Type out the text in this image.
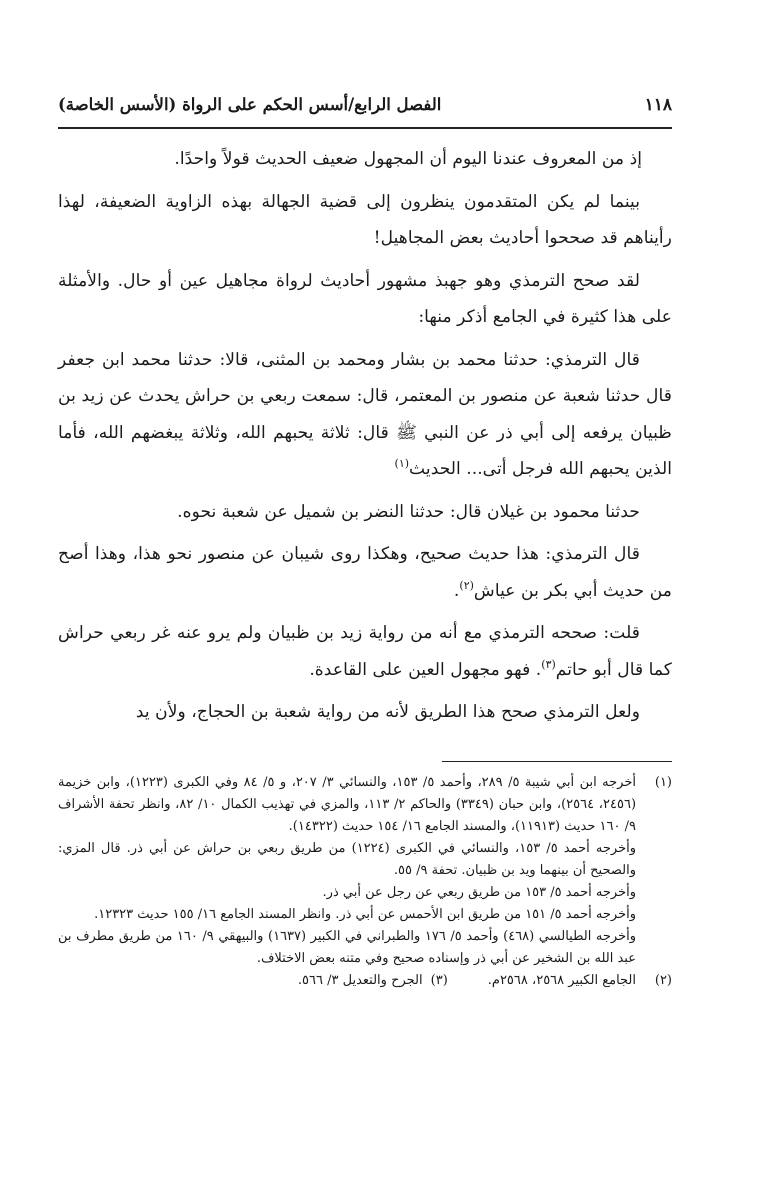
١١٨
الفصل الرابع/أسس الحكم على الرواة (الأسس الخاصة)

إذ من المعروف عندنا اليوم أن المجهول ضعيف الحديث قولاً واحدًا.

بينما لم يكن المتقدمون ينظرون إلى قضية الجهالة بهذه الزاوية الضعيفة، لهذا رأيناهم قد صححوا أحاديث بعض المجاهيل!

لقد صحح الترمذي وهو جهبذ مشهور أحاديث لرواة مجاهيل عين أو حال. والأمثلة على هذا كثيرة في الجامع أذكر منها:

قال الترمذي: حدثنا محمد بن بشار ومحمد بن المثنى، قالا: حدثنا محمد ابن جعفر قال حدثنا شعبة عن منصور بن المعتمر، قال: سمعت ربعي بن حراش يحدث عن زيد بن ظبيان يرفعه إلى أبي ذر عن النبي ﷺ قال: ثلاثة يحبهم الله، وثلاثة يبغضهم الله، فأما الذين يحبهم الله فرجل أتى... الحديث$^{(١)}$

حدثنا محمود بن غيلان قال: حدثنا النضر بن شميل عن شعبة نحوه.

قال الترمذي: هذا حديث صحيح، وهكذا روى شيبان عن منصور نحو هذا، وهذا أصح من حديث أبي بكر بن عياش$^{(٢)}$.

قلت: صححه الترمذي مع أنه من رواية زيد بن ظبيان ولم يرو عنه غر ربعي حراش كما قال أبو حاتم$^{(٣)}$. فهو مجهول العين على القاعدة.

ولعل الترمذي صحح هذا الطريق لأنه من رواية شعبة بن الحجاج، ولأن يد

(١)
أخرجه ابن أبي شيبة ٥/ ٢٨٩، وأحمد ٥/ ١٥٣، والنسائي ٣/ ٢٠٧، و ٥/ ٨٤ وفي الكبرى (١٢٢٣)، وابن خزيمة (٢٤٥٦، ٢٥٦٤)، وابن حبان (٣٣٤٩) والحاكم ٢/ ١١٣، والمزي في تهذيب الكمال ١٠/ ٨٢، وانظر تحفة الأشراف ٩/ ١٦٠ حديث (١١٩١٣)، والمسند الجامع ١٦/ ١٥٤ حديث (١٤٣٢٢).
وأخرجه أحمد ٥/ ١٥٣، والنسائي في الكبرى (١٢٢٤) من طريق ربعي بن حراش عن أبي ذر. قال المزي: والصحيح أن بينهما ويد بن ظبيان. تحفة ٩/ ٥٥.
وأخرجه أحمد ٥/ ١٥٣ من طريق ربعي عن رجل عن أبي ذر.
وأخرجه أحمد ٥/ ١٥١ من طريق ابن الأحمس عن أبي ذر. وانظر المسند الجامع ١٦/ ١٥٥ حديث ١٢٣٢٣.
وأخرجه الطيالسي (٤٦٨) وأحمد ٥/ ١٧٦ والطبراني في الكبير (١٦٣٧) والبيهقي ٩/ ١٦٠ من طريق مطرف بن عبد الله بن الشخير عن أبي ذر وإسناده صحيح وفي متنه بعض الاختلاف.
(٢)
الجامع الكبير ٢٥٦٨، ٢٥٦٨م.
(٣)
الجرح والتعديل ٣/ ٥٦٦.
